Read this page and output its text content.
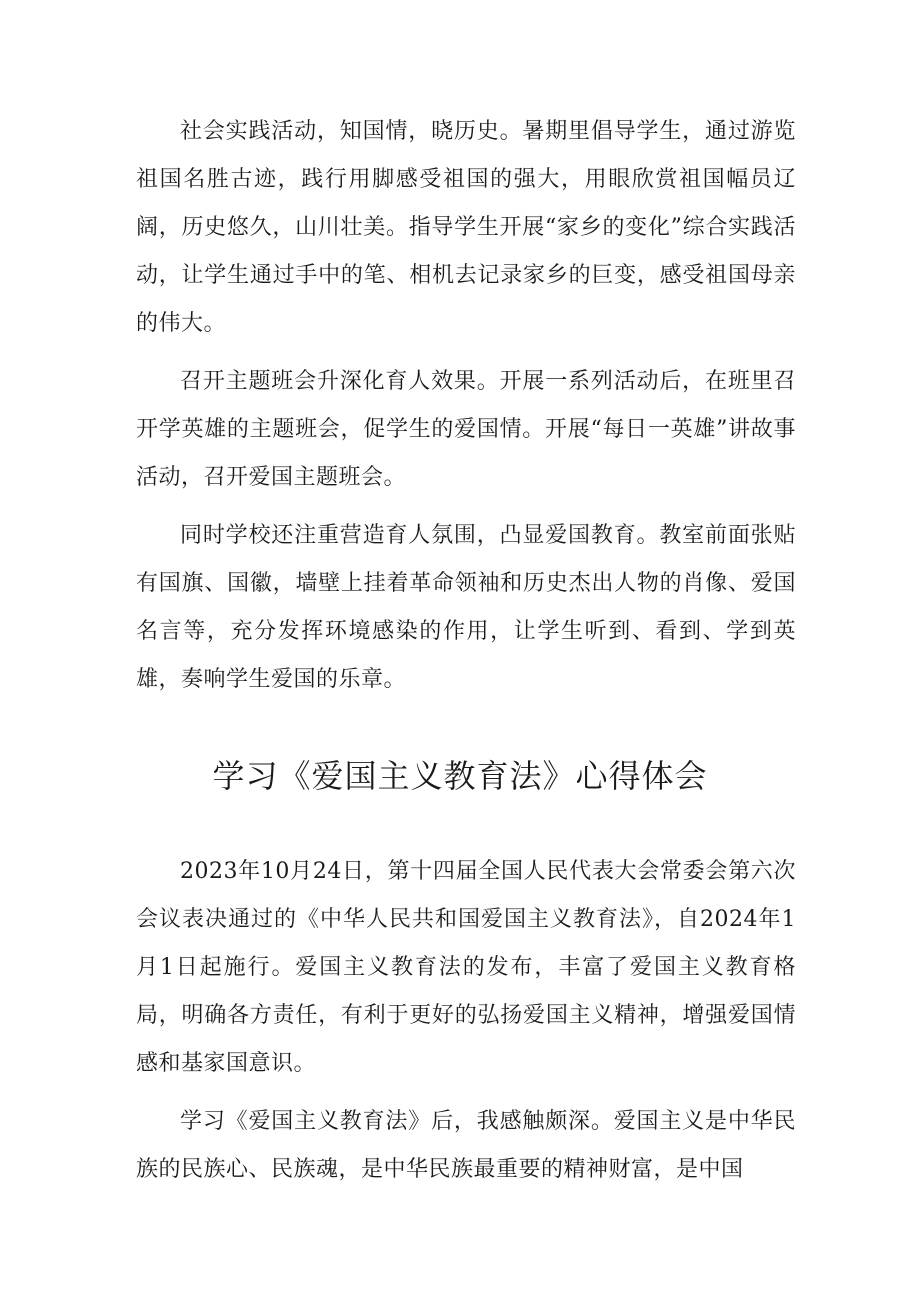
社会实践活动，知国情，晓历史。暑期里倡导学生，通过游览祖国名胜古迹，践行用脚感受祖国的强大，用眼欣赏祖国幅员辽阔，历史悠久，山川壮美。指导学生开展“家乡的变化”综合实践活动，让学生通过手中的笔、相机去记录家乡的巨变，感受祖国母亲的伟大。

召开主题班会升深化育人效果。开展一系列活动后，在班里召开学英雄的主题班会，促学生的爱国情。开展“每日一英雄”讲故事活动，召开爱国主题班会。

同时学校还注重营造育人氛围，凸显爱国教育。教室前面张贴有国旗、国徽，墙壁上挂着革命领袖和历史杰出人物的肖像、爱国名言等，充分发挥环境感染的作用，让学生听到、看到、学到英雄，奏响学生爱国的乐章。

学习《爱国主义教育法》心得体会

2023年10月24日，第十四届全国人民代表大会常委会第六次会议表决通过的《中华人民共和国爱国主义教育法》，自2024年1月1日起施行。爱国主义教育法的发布，丰富了爱国主义教育格局，明确各方责任，有利于更好的弘扬爱国主义精神，增强爱国情感和基家国意识。

学习《爱国主义教育法》后，我感触颇深。爱国主义是中华民族的民族心、民族魂，是中华民族最重要的精神财富，是中国
